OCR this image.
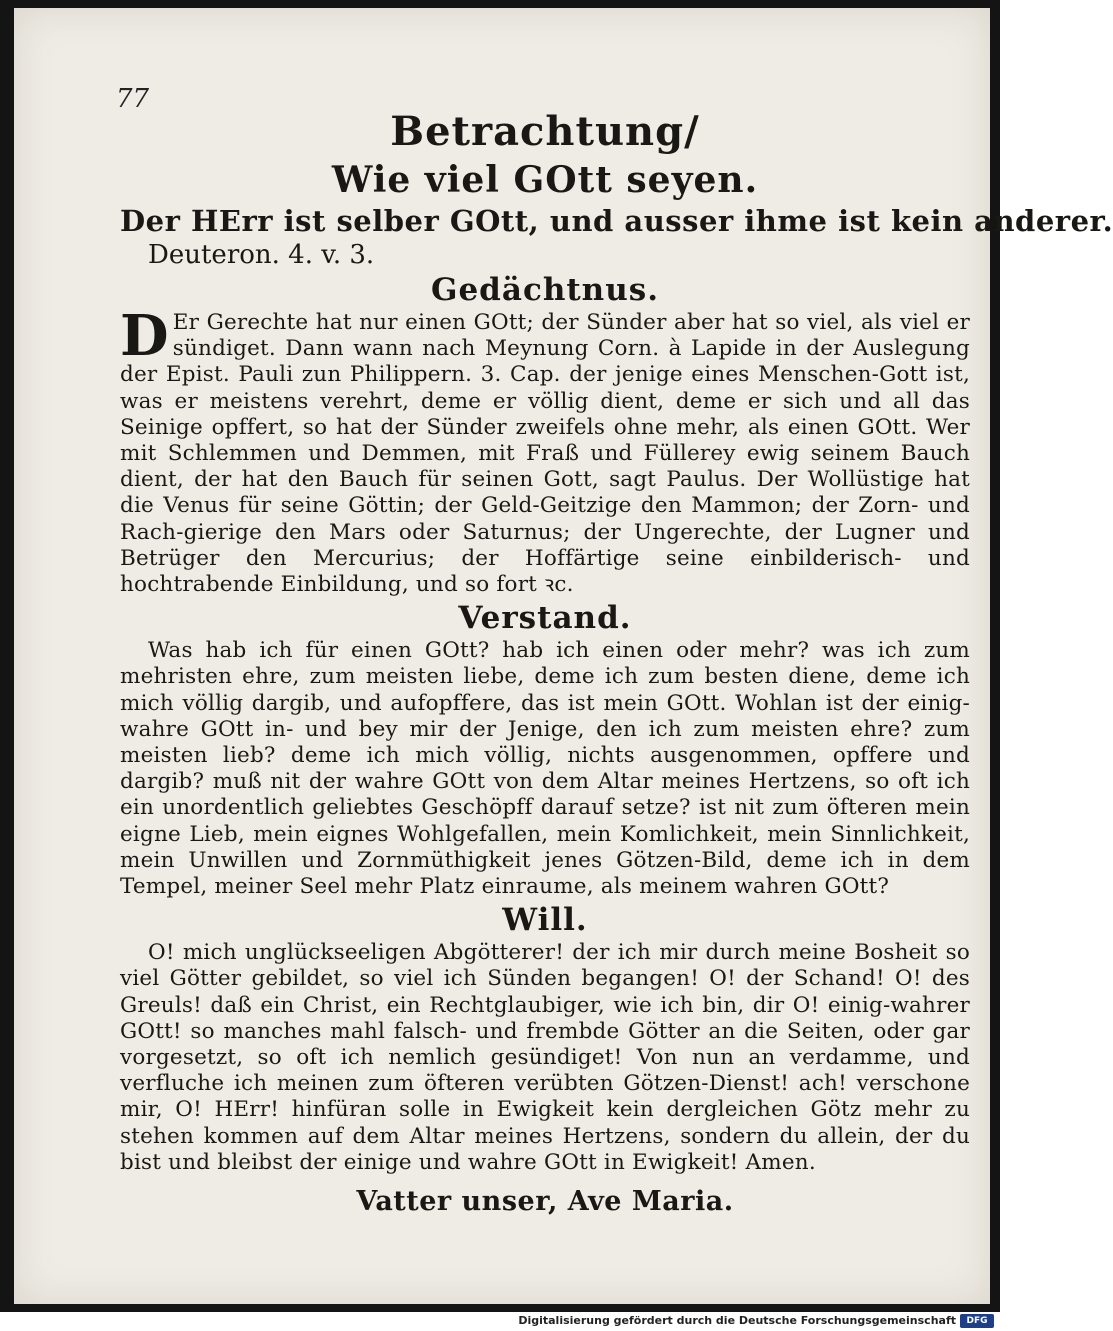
77
Betrachtung/
Wie viel GOtt seyen.
Der HErr ist selber GOtt, und ausser ihme ist kein anderer.
Deuteron. 4. v. 3.
Gedächtnus.
D Er Gerechte hat nur einen GOtt; der Sünder aber hat so viel, als viel er sündiget. Dann wann nach Meynung Corn. à Lapide in der Auslegung der Epist. Pauli zun Philippern. 3. Cap. der jenige eines Menschen-Gott ist, was er meistens verehrt, deme er völlig dient, deme er sich und all das Seinige opffert, so hat der Sünder zweifels ohne mehr, als einen GOtt. Wer mit Schlemmen und Demmen, mit Fraß und Füllerey ewig seinem Bauch dient, der hat den Bauch für seinen Gott, sagt Paulus. Der Wollüstige hat die Venus für seine Göttin; der Geld-Geitzige den Mammon; der Zorn- und Rach-gierige den Mars oder Saturnus; der Ungerechte, der Lugner und Betrüger den Mercurius; der Hoffärtige seine einbilderisch- und hochtrabende Einbildung, und so fort ꝛc.
Verstand.
Was hab ich für einen GOtt? hab ich einen oder mehr? was ich zum mehristen ehre, zum meisten liebe, deme ich zum besten diene, deme ich mich völlig dargib, und aufopffere, das ist mein GOtt. Wohlan ist der einig-wahre GOtt in- und bey mir der Jenige, den ich zum meisten ehre? zum meisten lieb? deme ich mich völlig, nichts ausgenommen, opffere und dargib? muß nit der wahre GOtt von dem Altar meines Hertzens, so oft ich ein unordentlich geliebtes Geschöpff darauf setze? ist nit zum öfteren mein eigne Lieb, mein eignes Wohlgefallen, mein Komlichkeit, mein Sinnlichkeit, mein Unwillen und Zornmüthigkeit jenes Götzen-Bild, deme ich in dem Tempel, meiner Seel mehr Platz einraume, als meinem wahren GOtt?
Will.
O! mich unglückseeligen Abgötterer! der ich mir durch meine Bosheit so viel Götter gebildet, so viel ich Sünden begangen! O! der Schand! O! des Greuls! daß ein Christ, ein Rechtglaubiger, wie ich bin, dir O! einig-wahrer GOtt! so manches mahl falsch- und frembde Götter an die Seiten, oder gar vorgesetzt, so oft ich nemlich gesündiget! Von nun an verdamme, und verfluche ich meinen zum öfteren verübten Götzen-Dienst! ach! verschone mir, O! HErr! hinfüran solle in Ewigkeit kein dergleichen Götz mehr zu stehen kommen auf dem Altar meines Hertzens, sondern du allein, der du bist und bleibst der einige und wahre GOtt in Ewigkeit! Amen.
Vatter unser, Ave Maria.
Digitalisierung gefördert durch die Deutsche Forschungsgemeinschaft	DFG
